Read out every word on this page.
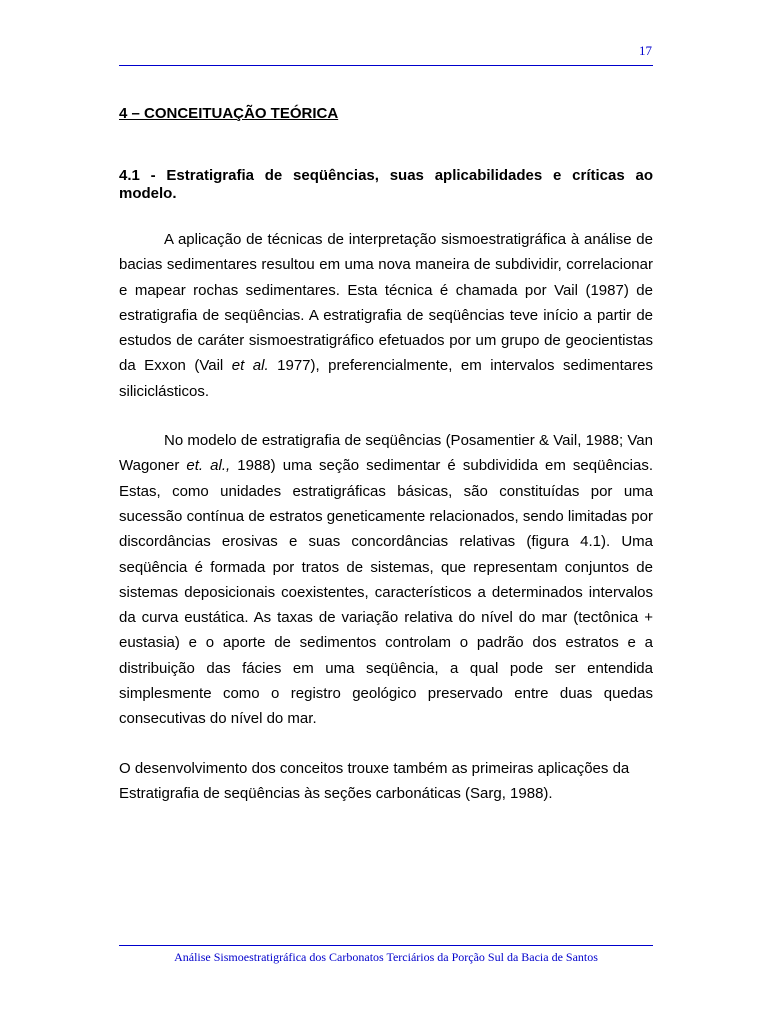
17
4 – CONCEITUAÇÃO TEÓRICA
4.1 - Estratigrafia de seqüências, suas aplicabilidades e críticas ao modelo.

A aplicação de técnicas de interpretação sismoestratigráfica à análise de bacias sedimentares resultou em uma nova maneira de subdividir, correlacionar e mapear rochas sedimentares. Esta técnica é chamada por Vail (1987) de estratigrafia de seqüências. A estratigrafia de seqüências teve início a partir de estudos de caráter sismoestratigráfico efetuados por um grupo de geocientistas da Exxon (Vail et al. 1977), preferencialmente, em intervalos sedimentares siliciclásticos.

No modelo de estratigrafia de seqüências (Posamentier & Vail, 1988; Van Wagoner et. al., 1988) uma seção sedimentar é subdividida em seqüências. Estas, como unidades estratigráficas básicas, são constituídas por uma sucessão contínua de estratos geneticamente relacionados, sendo limitadas por discordâncias erosivas e suas concordâncias relativas (figura 4.1). Uma seqüência é formada por tratos de sistemas, que representam conjuntos de sistemas deposicionais coexistentes, característicos a determinados intervalos da curva eustática. As taxas de variação relativa do nível do mar (tectônica + eustasia) e o aporte de sedimentos controlam o padrão dos estratos e a distribuição das fácies em uma seqüência, a qual pode ser entendida simplesmente como o registro geológico preservado entre duas quedas consecutivas do nível do mar.

O desenvolvimento dos conceitos trouxe também as primeiras aplicações da
Estratigrafia de seqüências às seções carbonáticas (Sarg, 1988).

Análise Sismoestratigráfica dos Carbonatos Terciários da Porção Sul da Bacia de Santos
